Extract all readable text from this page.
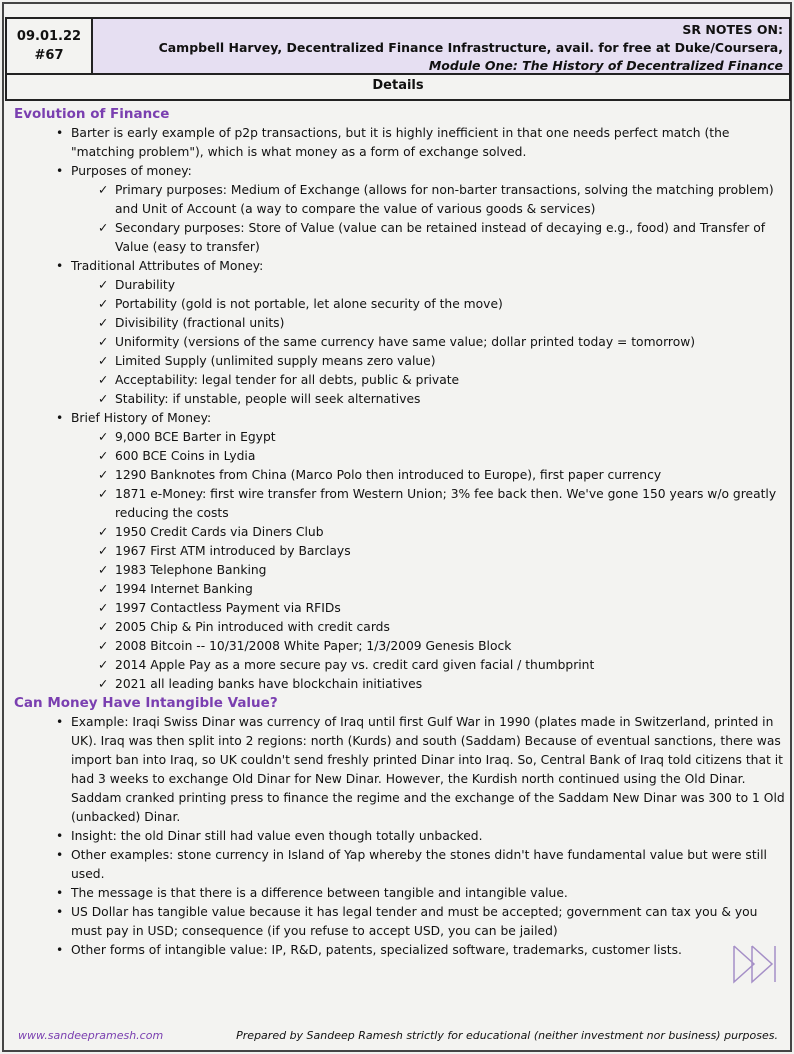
09.01.22
#67
SR NOTES ON:
Campbell Harvey, Decentralized Finance Infrastructure, avail. for free at Duke/Coursera,
Module One: The History of Decentralized Finance
Details
Evolution of Finance
• Barter is early example of p2p transactions, but it is highly inefficient in that one needs perfect match (the "matching problem"), which is what money as a form of exchange solved.
• Purposes of money:
✓ Primary purposes: Medium of Exchange (allows for non-barter transactions, solving the matching problem) and Unit of Account (a way to compare the value of various goods & services)
✓ Secondary purposes: Store of Value (value can be retained instead of decaying e.g., food) and Transfer of Value (easy to transfer)
• Traditional Attributes of Money:
✓ Durability
✓ Portability (gold is not portable, let alone security of the move)
✓ Divisibility (fractional units)
✓ Uniformity (versions of the same currency have same value; dollar printed today = tomorrow)
✓ Limited Supply (unlimited supply means zero value)
✓ Acceptability: legal tender for all debts, public & private
✓ Stability: if unstable, people will seek alternatives
• Brief History of Money:
✓ 9,000 BCE Barter in Egypt
✓ 600 BCE Coins in Lydia
✓ 1290 Banknotes from China (Marco Polo then introduced to Europe), first paper currency
✓ 1871 e-Money: first wire transfer from Western Union; 3% fee back then. We've gone 150 years w/o greatly reducing the costs
✓ 1950 Credit Cards via Diners Club
✓ 1967 First ATM introduced by Barclays
✓ 1983 Telephone Banking
✓ 1994 Internet Banking
✓ 1997 Contactless Payment via RFIDs
✓ 2005 Chip & Pin introduced with credit cards
✓ 2008 Bitcoin -- 10/31/2008 White Paper; 1/3/2009 Genesis Block
✓ 2014 Apple Pay as a more secure pay vs. credit card given facial / thumbprint
✓ 2021 all leading banks have blockchain initiatives
Can Money Have Intangible Value?
• Example: Iraqi Swiss Dinar was currency of Iraq until first Gulf War in 1990 (plates made in Switzerland, printed in UK). Iraq was then split into 2 regions: north (Kurds) and south (Saddam) Because of eventual sanctions, there was import ban into Iraq, so UK couldn't send freshly printed Dinar into Iraq. So, Central Bank of Iraq told citizens that it had 3 weeks to exchange Old Dinar for New Dinar. However, the Kurdish north continued using the Old Dinar. Saddam cranked printing press to finance the regime and the exchange of the Saddam New Dinar was 300 to 1 Old (unbacked) Dinar.
• Insight: the old Dinar still had value even though totally unbacked.
• Other examples: stone currency in Island of Yap whereby the stones didn't have fundamental value but were still used.
• The message is that there is a difference between tangible and intangible value.
• US Dollar has tangible value because it has legal tender and must be accepted; government can tax you & you must pay in USD; consequence (if you refuse to accept USD, you can be jailed)
• Other forms of intangible value: IP, R&D, patents, specialized software, trademarks, customer lists.
www.sandeepramesh.com	Prepared by Sandeep Ramesh strictly for educational (neither investment nor business) purposes.
